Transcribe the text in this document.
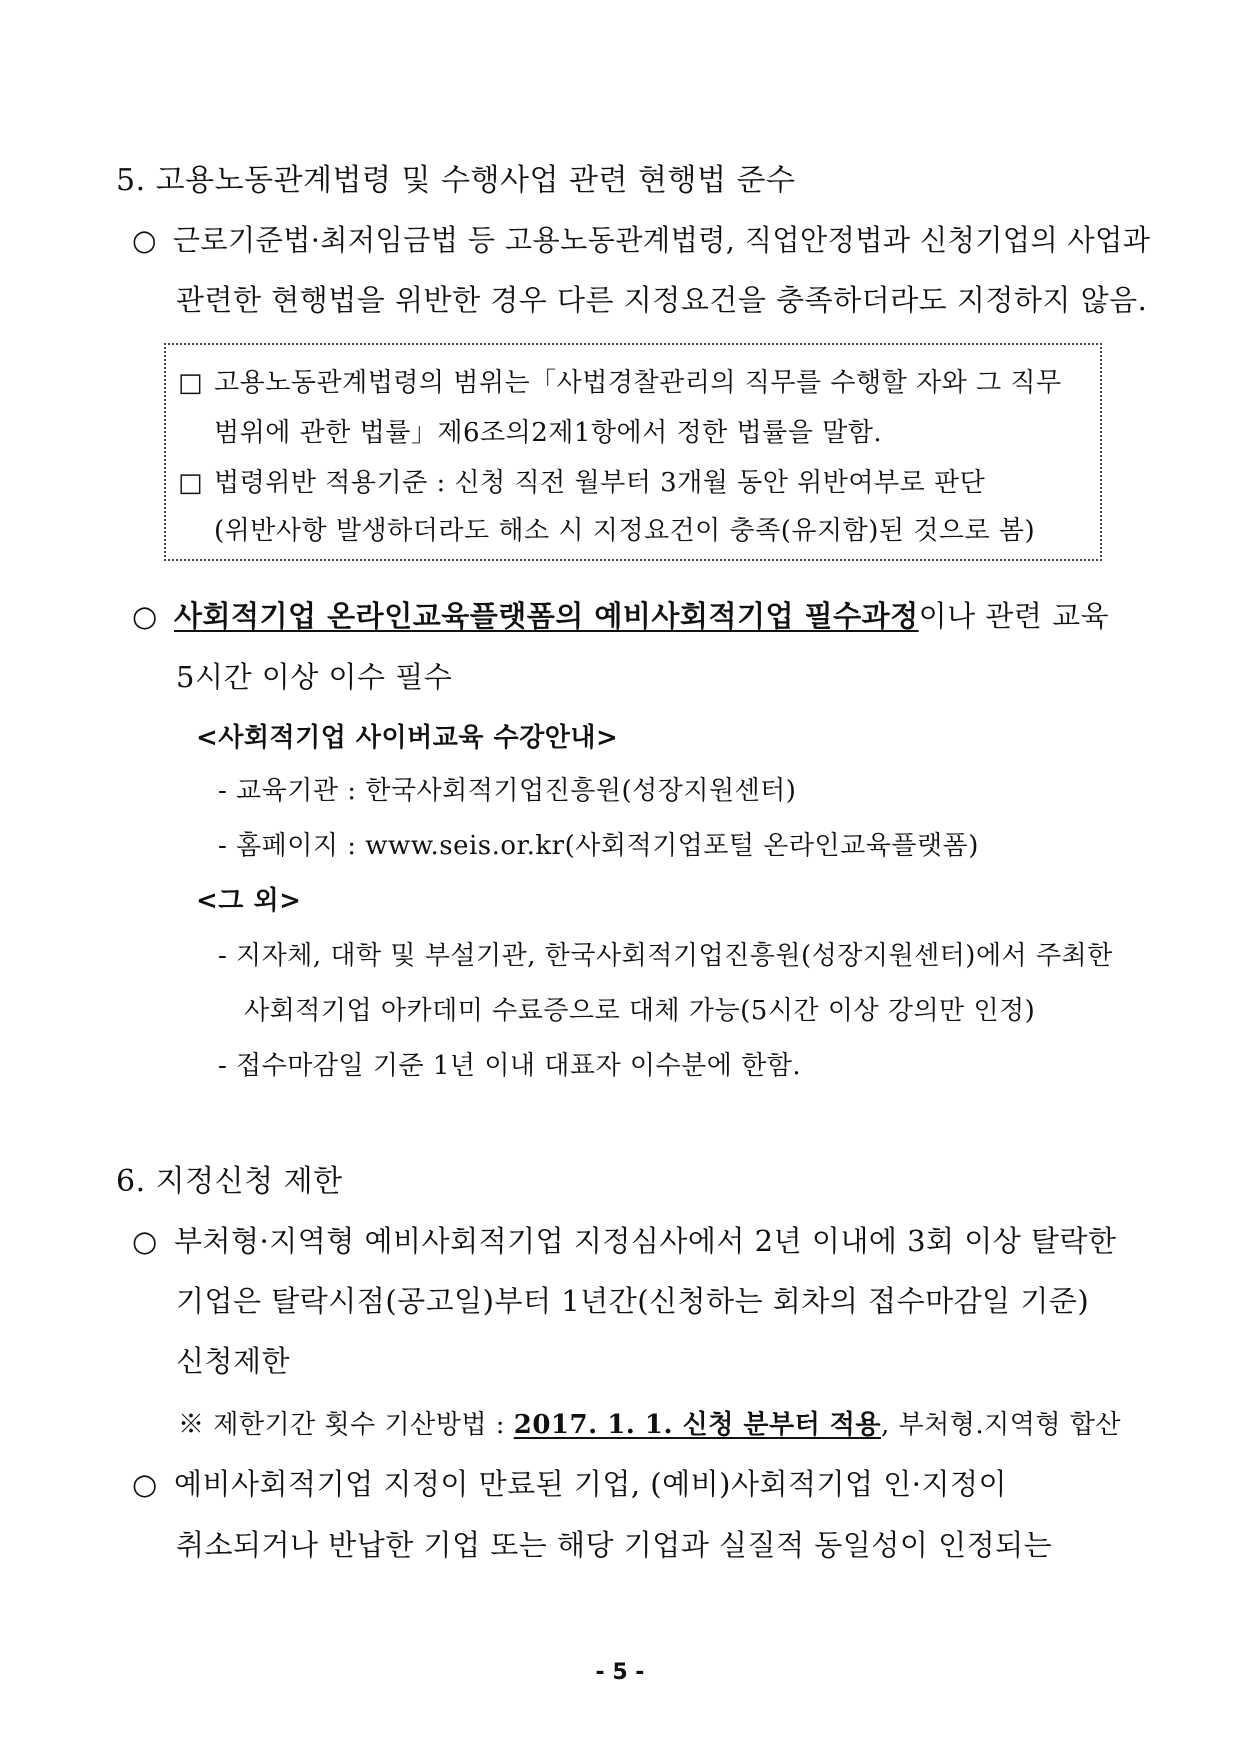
5. 고용노동관계법령 및 수행사업 관련 현행법 준수
○ 근로기준법·최저임금법 등 고용노동관계법령, 직업안정법과 신청기업의 사업과
관련한 현행법을 위반한 경우 다른 지정요건을 충족하더라도 지정하지 않음.
□ 고용노동관계법령의 범위는「사법경찰관리의 직무를 수행할 자와 그 직무
범위에 관한 법률」제6조의2제1항에서 정한 법률을 말함.
□ 법령위반 적용기준 : 신청 직전 월부터 3개월 동안 위반여부로 판단
(위반사항 발생하더라도 해소 시 지정요건이 충족(유지함)된 것으로 봄)
○ 사회적기업 온라인교육플랫폼의 예비사회적기업 필수과정이나 관련 교육
5시간 이상 이수 필수
<사회적기업 사이버교육 수강안내>
- 교육기관 : 한국사회적기업진흥원(성장지원센터)
- 홈페이지 : www.seis.or.kr(사회적기업포털 온라인교육플랫폼)
<그 외>
- 지자체, 대학 및 부설기관, 한국사회적기업진흥원(성장지원센터)에서 주최한
사회적기업 아카데미 수료증으로 대체 가능(5시간 이상 강의만 인정)
- 접수마감일 기준 1년 이내 대표자 이수분에 한함.
6. 지정신청 제한
○ 부처형·지역형 예비사회적기업 지정심사에서 2년 이내에 3회 이상 탈락한
기업은 탈락시점(공고일)부터 1년간(신청하는 회차의 접수마감일 기준)
신청제한
※ 제한기간 횟수 기산방법 : 2017. 1. 1. 신청 분부터 적용, 부처형.지역형 합산
○ 예비사회적기업 지정이 만료된 기업, (예비)사회적기업 인·지정이
취소되거나 반납한 기업 또는 해당 기업과 실질적 동일성이 인정되는
- 5 -
